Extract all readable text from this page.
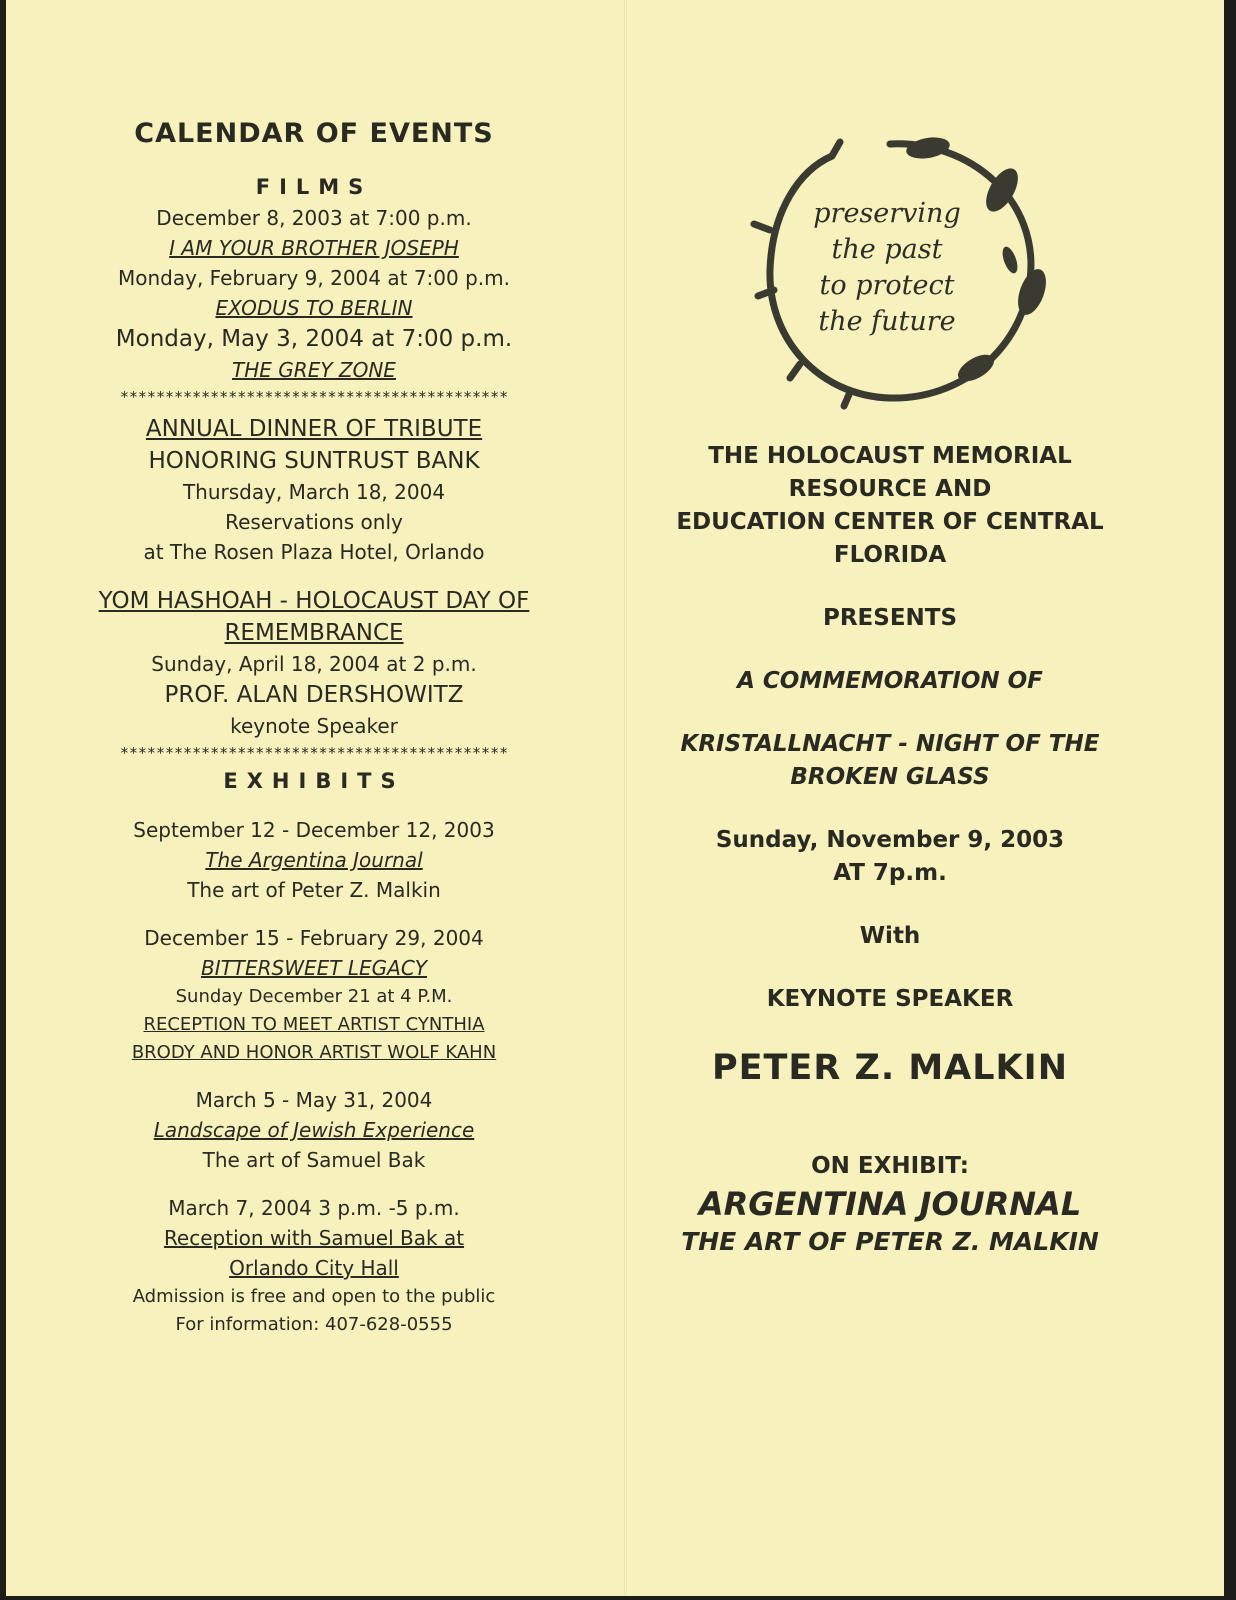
CALENDAR OF EVENTS
FILMS
December 8, 2003 at 7:00 p.m.
I AM YOUR BROTHER JOSEPH
Monday, February 9, 2004 at 7:00 p.m.
EXODUS TO BERLIN
Monday, May 3, 2004 at 7:00 p.m.
THE GREY ZONE
*******************************************
ANNUAL DINNER OF TRIBUTE
HONORING SUNTRUST BANK
Thursday, March 18, 2004
Reservations only
at The Rosen Plaza Hotel, Orlando
YOM HASHOAH - HOLOCAUST DAY OF
REMEMBRANCE
Sunday, April 18, 2004 at 2 p.m.
PROF. ALAN DERSHOWITZ
keynote Speaker
*******************************************
EXHIBITS
September 12 - December 12, 2003
The Argentina Journal
The art of Peter Z. Malkin
December 15 - February 29, 2004
BITTERSWEET LEGACY
Sunday December 21 at 4 P.M.
RECEPTION TO MEET ARTIST CYNTHIA
BRODY AND HONOR ARTIST WOLF KAHN
March 5 - May 31, 2004
Landscape of Jewish Experience
The art of Samuel Bak
March 7, 2004 3 p.m. -5 p.m.
Reception with Samuel Bak at
Orlando City Hall
Admission is free and open to the public
For information: 407-628-0555
preserving
the past
to protect
the future
THE HOLOCAUST MEMORIAL
RESOURCE AND
EDUCATION CENTER OF CENTRAL
FLORIDA
PRESENTS
A COMMEMORATION OF
KRISTALLNACHT - NIGHT OF THE
BROKEN GLASS
Sunday, November 9, 2003
AT 7p.m.
With
KEYNOTE SPEAKER
PETER Z. MALKIN
ON EXHIBIT:
ARGENTINA JOURNAL
THE ART OF PETER Z. MALKIN
